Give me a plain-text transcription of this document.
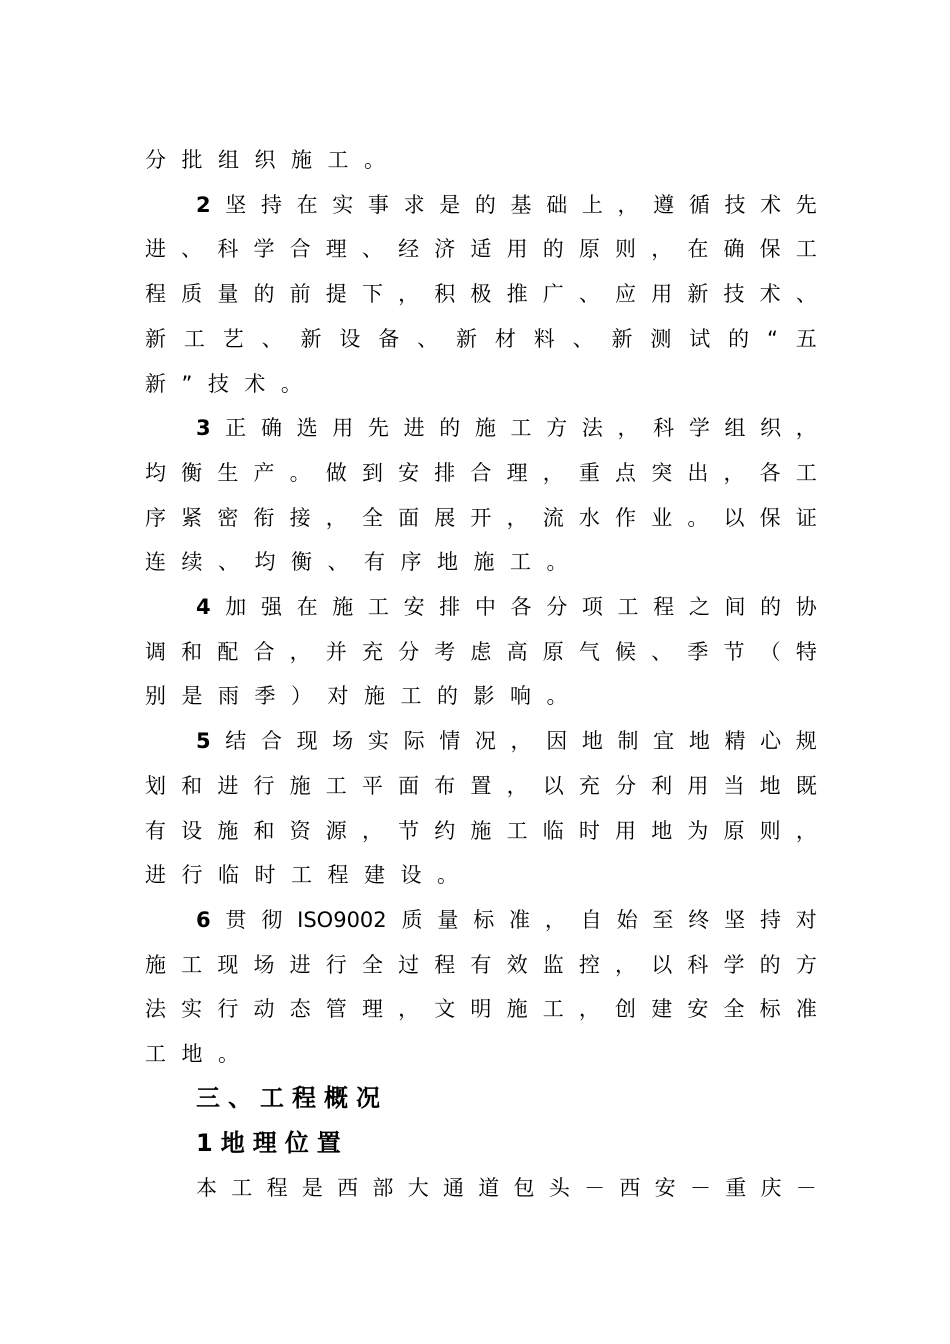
分 批 组 织 施 工 。
2 坚 持 在 实 事 求 是 的 基 础 上 ， 遵 循 技 术 先
进 、 科 学 合 理 、 经 济 适 用 的 原 则 ， 在 确 保 工
程 质 量 的 前 提 下 ， 积 极 推 广 、 应 用 新 技 术 、
新 工 艺 、 新 设 备 、 新 材 料 、 新 测 试 的 “ 五
新 ” 技 术 。
3 正 确 选 用 先 进 的 施 工 方 法 ， 科 学 组 织 ，
均 衡 生 产 。 做 到 安 排 合 理 ， 重 点 突 出 ， 各 工
序 紧 密 衔 接 ， 全 面 展 开 ， 流 水 作 业 。 以 保 证
连 续 、 均 衡 、 有 序 地 施 工 。
4 加 强 在 施 工 安 排 中 各 分 项 工 程 之 间 的 协
调 和 配 合 ， 并 充 分 考 虑 高 原 气 候 、 季 节 （ 特
别 是 雨 季 ） 对 施 工 的 影 响 。
5 结 合 现 场 实 际 情 况 ， 因 地 制 宜 地 精 心 规
划 和 进 行 施 工 平 面 布 置 ， 以 充 分 利 用 当 地 既
有 设 施 和 资 源 ， 节 约 施 工 临 时 用 地 为 原 则 ，
进 行 临 时 工 程 建 设 。
6 贯 彻 ISO9002 质 量 标 准 ， 自 始 至 终 坚 持 对
施 工 现 场 进 行 全 过 程 有 效 监 控 ， 以 科 学 的 方
法 实 行 动 态 管 理 ， 文 明 施 工 ， 创 建 安 全 标 准
工 地 。
三、工程概况
1地理位置
本 工 程 是 西 部 大 通 道 包 头 － 西 安 － 重 庆 －
